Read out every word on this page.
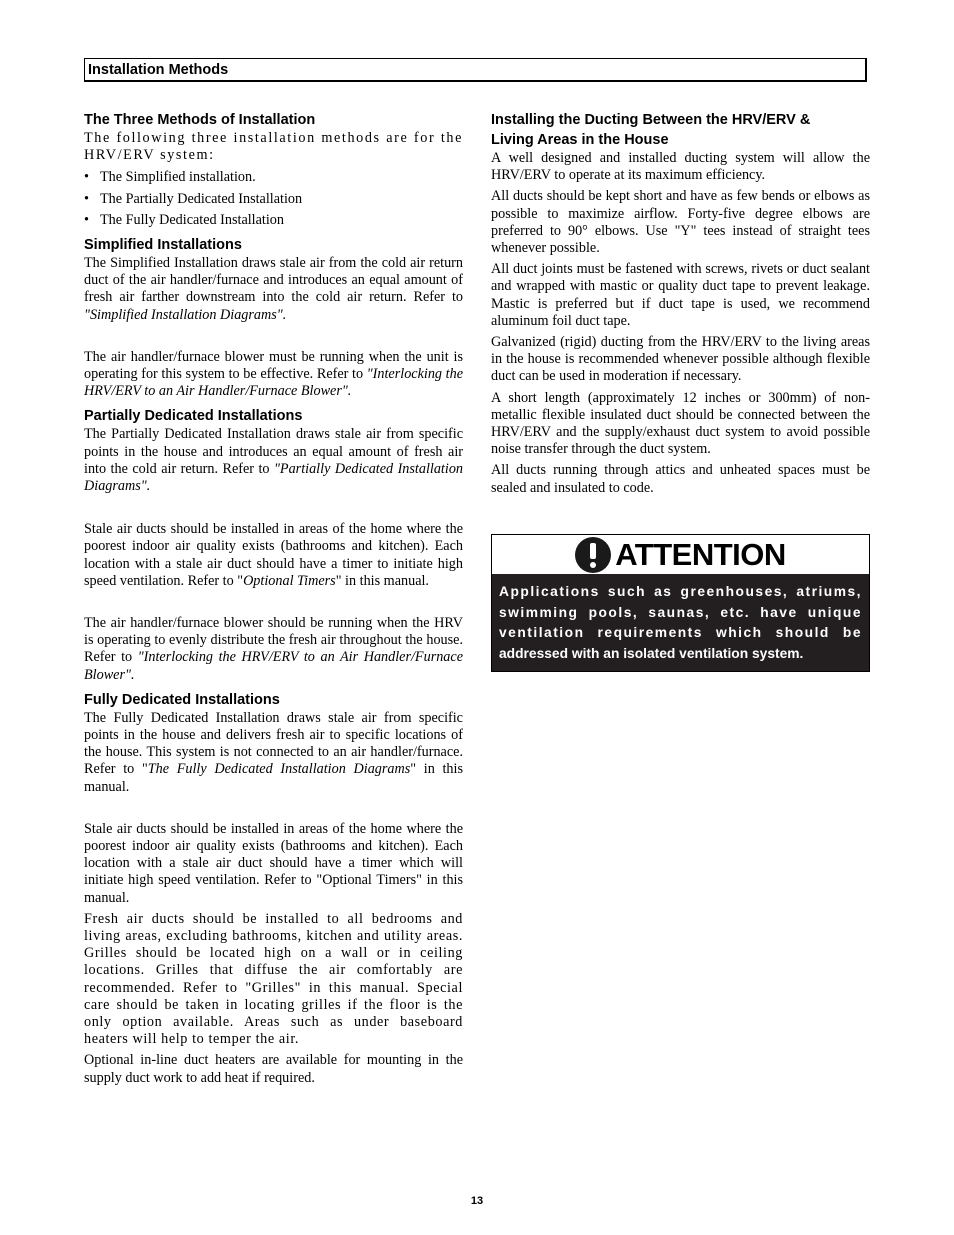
Installation Methods

The Three Methods of Installation

The following three installation methods are for the HRV/ERV system:

• The Simplified installation.
• The Partially Dedicated Installation
• The Fully Dedicated Installation

Simplified Installations

The Simplified Installation draws stale air from the cold air return duct of the air handler/furnace and introduces an equal amount of fresh air farther downstream into the cold air return. Refer to "Simplified Installation Diagrams".

The air handler/furnace blower must be running when the unit is operating for this system to be effective. Refer to "Interlocking the HRV/ERV to an Air Handler/Furnace Blower".

Partially Dedicated Installations

The Partially Dedicated Installation draws stale air from specific points in the house and introduces an equal amount of fresh air into the cold air return. Refer to "Partially Dedicated Installation Diagrams".

Stale air ducts should be installed in areas of the home where the poorest indoor air quality exists (bathrooms and kitchen). Each location with a stale air duct should have a timer to initiate high speed ventilation. Refer to "Optional Timers" in this manual.

The air handler/furnace blower should be running when the HRV is operating to evenly distribute the fresh air throughout the house. Refer to "Interlocking the HRV/ERV to an Air Handler/Furnace Blower".

Fully Dedicated Installations

The Fully Dedicated Installation draws stale air from specific points in the house and delivers fresh air to specific locations of the house. This system is not connected to an air handler/furnace. Refer to "The Fully Dedicated Installation Diagrams" in this manual.

Stale air ducts should be installed in areas of the home where the poorest indoor air quality exists (bathrooms and kitchen). Each location with a stale air duct should have a timer which will initiate high speed ventilation. Refer to "Optional Timers" in this manual.

Fresh air ducts should be installed to all bedrooms and living areas, excluding bathrooms, kitchen and utility areas. Grilles should be located high on a wall or in ceiling locations. Grilles that diffuse the air comfortably are recommended. Refer to "Grilles" in this manual. Special care should be taken in locating grilles if the floor is the only option available. Areas such as under baseboard heaters will help to temper the air.

Optional in-line duct heaters are available for mounting in the supply duct work to add heat if required.

Installing the Ducting Between the HRV/ERV &

Living Areas in the House

A well designed and installed ducting system will allow the HRV/ERV to operate at its maximum efficiency.

All ducts should be kept short and have as few bends or elbows as possible to maximize airflow. Forty-five degree elbows are preferred to 90° elbows. Use "Y" tees instead of straight tees whenever possible.

All duct joints must be fastened with screws, rivets or duct sealant and wrapped with mastic or quality duct tape to prevent leakage. Mastic is preferred but if duct tape is used, we recommend aluminum foil duct tape.

Galvanized (rigid) ducting from the HRV/ERV to the living areas in the house is recommended whenever possible although flexible duct can be used in moderation if necessary.

A short length (approximately 12 inches or 300mm) of non-metallic flexible insulated duct should be connected between the HRV/ERV and the supply/exhaust duct system to avoid possible noise transfer through the duct system.

All ducts running through attics and unheated spaces must be sealed and insulated to code.

ATTENTION

Applications such as greenhouses, atriums, swimming pools, saunas, etc. have unique ventilation requirements which should be addressed with an isolated ventilation system.

13
